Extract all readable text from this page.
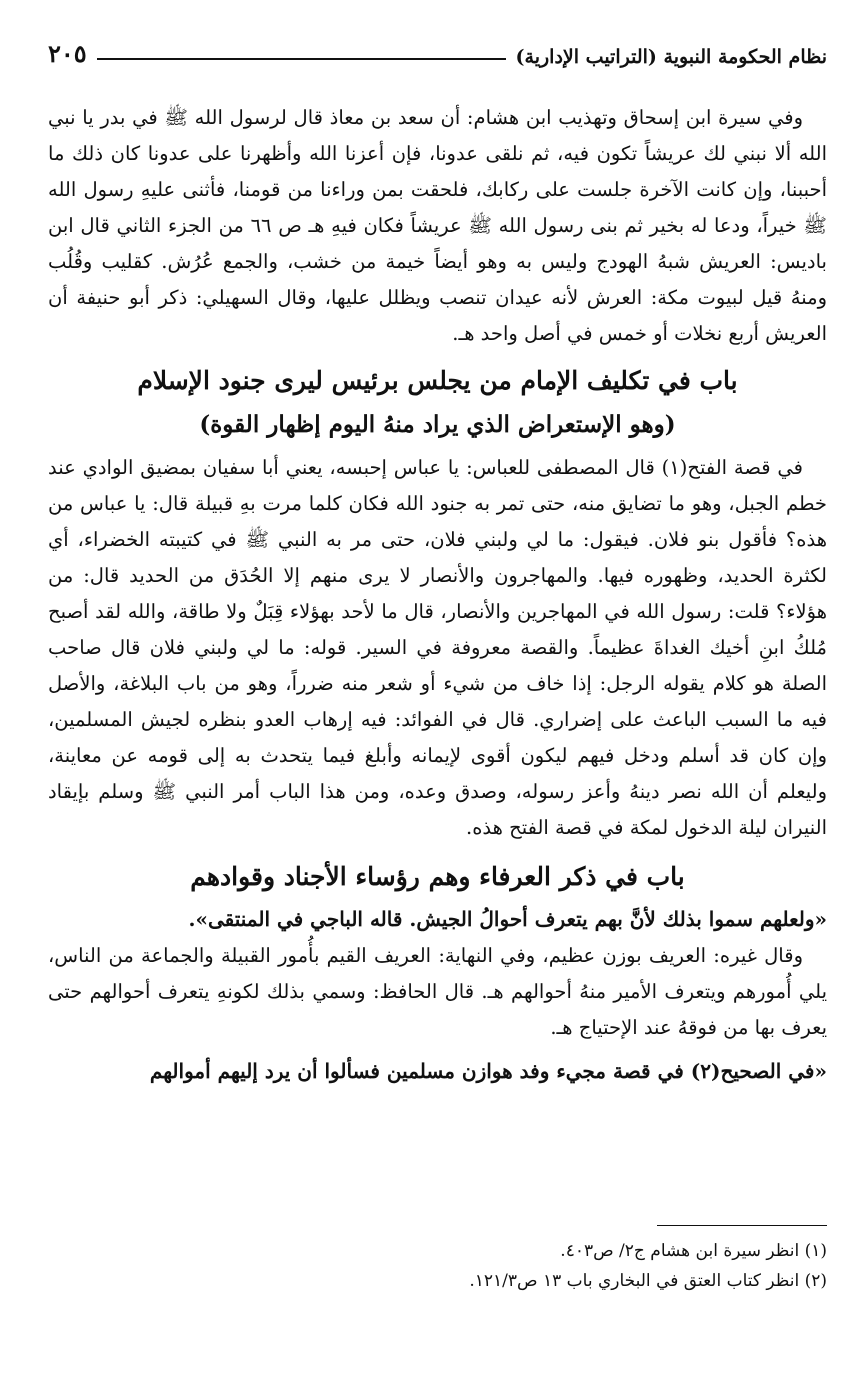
نظام الحكومة النبوية (التراتيب الإدارية)
٢٠٥

وفي سيرة ابن إسحاق وتهذيب ابن هشام: أن سعد بن معاذ قال لرسول الله ﷺ في بدر يا نبي الله ألا نبني لك عريشاً تكون فيه، ثم نلقى عدونا، فإن أعزنا الله وأظهرنا على عدونا كان ذلك ما أحببنا، وإن كانت الآخرة جلست على ركابك، فلحقت بمن وراءنا من قومنا، فأثنى عليهِ رسول الله ﷺ خيراً، ودعا له بخير ثم بنى رسول الله ﷺ عريشاً فكان فيهِ هـ ص ٦٦ من الجزء الثاني قال ابن باديس: العريش شبهُ الهودج وليس به وهو أيضاً خيمة من خشب، والجمع عُرُش. كقليب وقُلُب ومنهُ قيل لبيوت مكة: العرش لأنه عيدان تنصب ويظلل عليها، وقال السهيلي: ذكر أبو حنيفة أن العريش أربع نخلات أو خمس في أصل واحد هـ.

باب في تكليف الإمام من يجلس برئيس ليرى جنود الإسلام
(وهو الإستعراض الذي يراد منهُ اليوم إظهار القوة)

في قصة الفتح(١) قال المصطفى للعباس: يا عباس إحبسه، يعني أبا سفيان بمضيق الوادي عند خطم الجبل، وهو ما تضايق منه، حتى تمر به جنود الله فكان كلما مرت بهِ قبيلة قال: يا عباس من هذه؟ فأقول بنو فلان. فيقول: ما لي ولبني فلان، حتى مر به النبي ﷺ في كتيبته الخضراء، أي لكثرة الحديد، وظهوره فيها. والمهاجرون والأنصار لا يرى منهم إلا الحُدَق من الحديد قال: من هؤلاء؟ قلت: رسول الله في المهاجرين والأنصار، قال ما لأحد بهؤلاء قِبَلٌ ولا طاقة، والله لقد أصبح مُلكُ ابنِ أخيك الغداةَ عظيماً. والقصة معروفة في السير. قوله: ما لي ولبني فلان قال صاحب الصلة هو كلام يقوله الرجل: إذا خاف من شيء أو شعر منه ضرراً، وهو من باب البلاغة، والأصل فيه ما السبب الباعث على إضراري. قال في الفوائد: فيه إرهاب العدو بنظره لجيش المسلمين، وإن كان قد أسلم ودخل فيهم ليكون أقوى لإيمانه وأبلغ فيما يتحدث به إلى قومه عن معاينة، وليعلم أن الله نصر دينهُ وأعز رسوله، وصدق وعده، ومن هذا الباب أمر النبي ﷺ وسلم بإيقاد النيران ليلة الدخول لمكة في قصة الفتح هذه.

باب في ذكر العرفاء وهم رؤساء الأجناد وقوادهم

«ولعلهم سموا بذلك لأنَّ بهم يتعرف أحوالُ الجيش. قاله الباجي في المنتقى».

وقال غيره: العريف بوزن عظيم، وفي النهاية: العريف القيم بأُمور القبيلة والجماعة من الناس، يلي أُمورهم ويتعرف الأمير منهُ أحوالهم هـ. قال الحافظ: وسمي بذلك لكونهِ يتعرف أحوالهم حتى يعرف بها من فوقهُ عند الإحتياج هـ.

«في الصحيح(٢) في قصة مجيء وفد هوازن مسلمين فسألوا أن يرد إليهم أموالهم

(١) انظر سيرة ابن هشام ج٢/ ص٤٠٣.

(٢) انظر كتاب العتق في البخاري باب ١٣ ص١٢١/٣.
